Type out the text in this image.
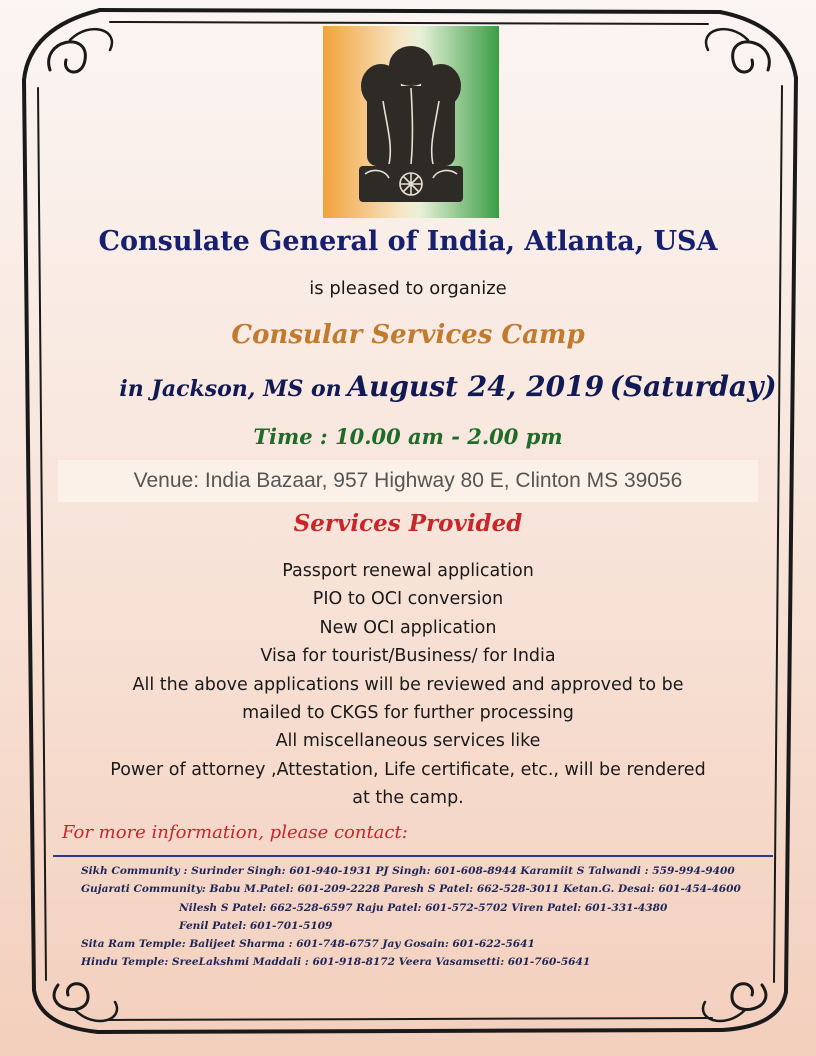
Consulate General of India, Atlanta, USA
is pleased to organize
Consular Services Camp
in Jackson, MS on August 24, 2019 (Saturday)
Time : 10.00 am - 2.00 pm
Venue: India Bazaar, 957 Highway 80 E, Clinton MS 39056
Services Provided
Passport renewal application
PIO to OCI conversion
New OCI application
Visa for tourist/Business/ for India
All the above applications will be reviewed and approved to be
mailed to CKGS for further processing
All miscellaneous services like
Power of attorney ,Attestation, Life certificate, etc., will be rendered
at the camp.
For more information, please contact:
Sikh Community : Surinder Singh: 601-940-1931 PJ Singh: 601-608-8944 Karamiit S Talwandi : 559-994-9400
Gujarati Community: Babu M.Patel: 601-209-2228 Paresh S Patel: 662-528-3011 Ketan.G. Desai: 601-454-4600
Nilesh S Patel: 662-528-6597 Raju Patel: 601-572-5702 Viren Patel: 601-331-4380
Fenil Patel: 601-701-5109
Sita Ram Temple: Balijeet Sharma : 601-748-6757 Jay Gosain: 601-622-5641
Hindu Temple: SreeLakshmi Maddali : 601-918-8172 Veera Vasamsetti: 601-760-5641
